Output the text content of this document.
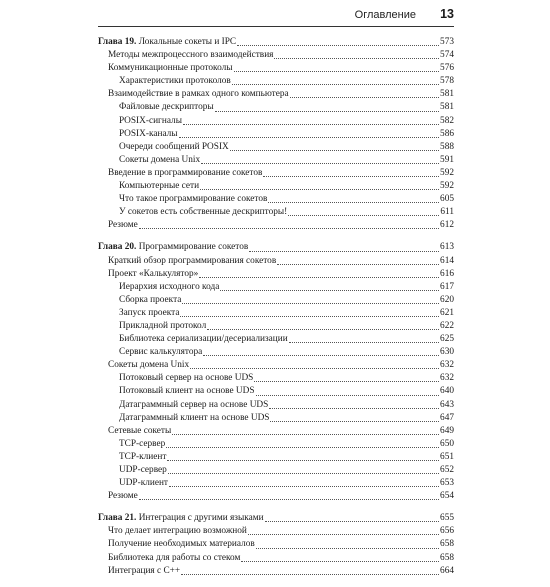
Оглавление 13
Глава 19. Локальные сокеты и IPC	573
Методы межпроцессного взаимодействия	574
Коммуникационные протоколы	576
Характеристики протоколов	578
Взаимодействие в рамках одного компьютера	581
Файловые дескрипторы	581
POSIX-сигналы	582
POSIX-каналы	586
Очереди сообщений POSIX	588
Сокеты домена Unix	591
Введение в программирование сокетов	592
Компьютерные сети	592
Что такое программирование сокетов	605
У сокетов есть собственные дескрипторы!	611
Резюме	612
Глава 20. Программирование сокетов	613
Краткий обзор программирования сокетов	614
Проект «Калькулятор»	616
Иерархия исходного кода	617
Сборка проекта	620
Запуск проекта	621
Прикладной протокол	622
Библиотека сериализации/десериализации	625
Сервис калькулятора	630
Сокеты домена Unix	632
Потоковый сервер на основе UDS	632
Потоковый клиент на основе UDS	640
Датаграммный сервер на основе UDS	643
Датаграммный клиент на основе UDS	647
Сетевые сокеты	649
TCP-сервер	650
TCP-клиент	651
UDP-сервер	652
UDP-клиент	653
Резюме	654
Глава 21. Интеграция с другими языками	655
Что делает интеграцию возможной	656
Получение необходимых материалов	658
Библиотека для работы со стеком	658
Интеграция с C++	664
